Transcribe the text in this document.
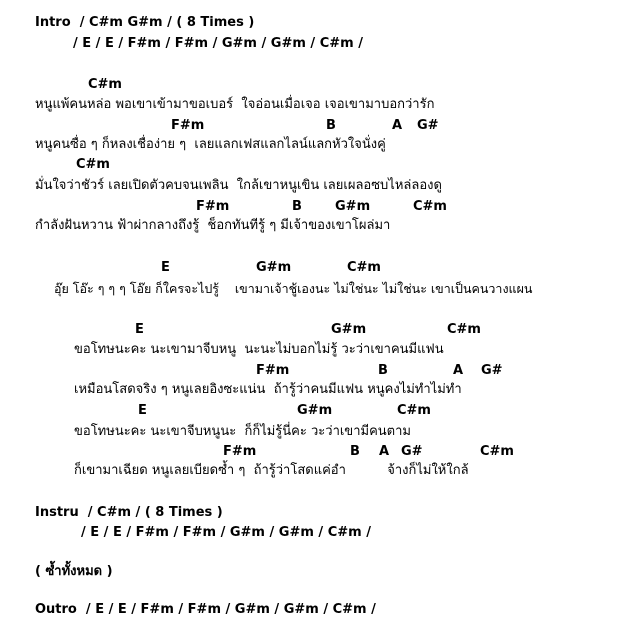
Intro  / C#m G#m / ( 8 Times )
/ E / E / F#m / F#m / G#m / G#m / C#m /
C#m
หนูแพ้คนหล่อ พอเขาเข้ามาขอเบอร์  ใจอ่อนเมื่อเจอ เจอเขามาบอกว่ารัก
F#m	B	A G#
หนูคนซื่อ ๆ ก็หลงเชื่อง่าย ๆ  เลยแลกเฟสแลกไลน์แลกหัวใจนั่งคู่
C#m
มั่นใจว่าชัวร์ เลยเปิดตัวคบจนเพลิน  ใกล้เขาหนูเขิน เลยเผลอซบไหล่ลองดู
F#m	B	G#m	C#m
กำลังฝันหวาน ฟ้าผ่ากลางถึงรู้  ช็อกทันทีรู้ ๆ มีเจ้าของเขาโผล่มา
E	G#m	C#m
อุ๊ย โอ๊ะ ๆ ๆ ๆ โอ๊ย ก็ใครจะไปรู้    เขามาเจ้าชู้เองนะ ไม่ใช่นะ ไม่ใช่นะ เขาเป็นคนวางแผน
E	G#m	C#m
ขอโทษนะคะ นะเขามาจีบหนู  นะนะไม่บอกไม่รู้ วะว่าเขาคนมีแฟน
F#m	B	A G#
เหมือนโสดจริง ๆ หนูเลยอิงซะแน่น  ถ้ารู้ว่าคนมีแฟน หนูคงไม่ทำไม่ทำ
E	G#m	C#m
ขอโทษนะคะ นะเขาจีบหนูนะ  ก็ก็ไม่รู้นี่คะ วะว่าเขามีคนตาม
F#m	B A G#	C#m
ก็เขามาเฉียด หนูเลยเบียดซ้ำ ๆ  ถ้ารู้ว่าโสดแค่อำ          จ้างก็ไม่ให้ใกล้
Instru  / C#m / ( 8 Times )
/ E / E / F#m / F#m / G#m / G#m / C#m /
( ซ้ำทั้งหมด )
Outro  / E / E / F#m / F#m / G#m / G#m / C#m /
